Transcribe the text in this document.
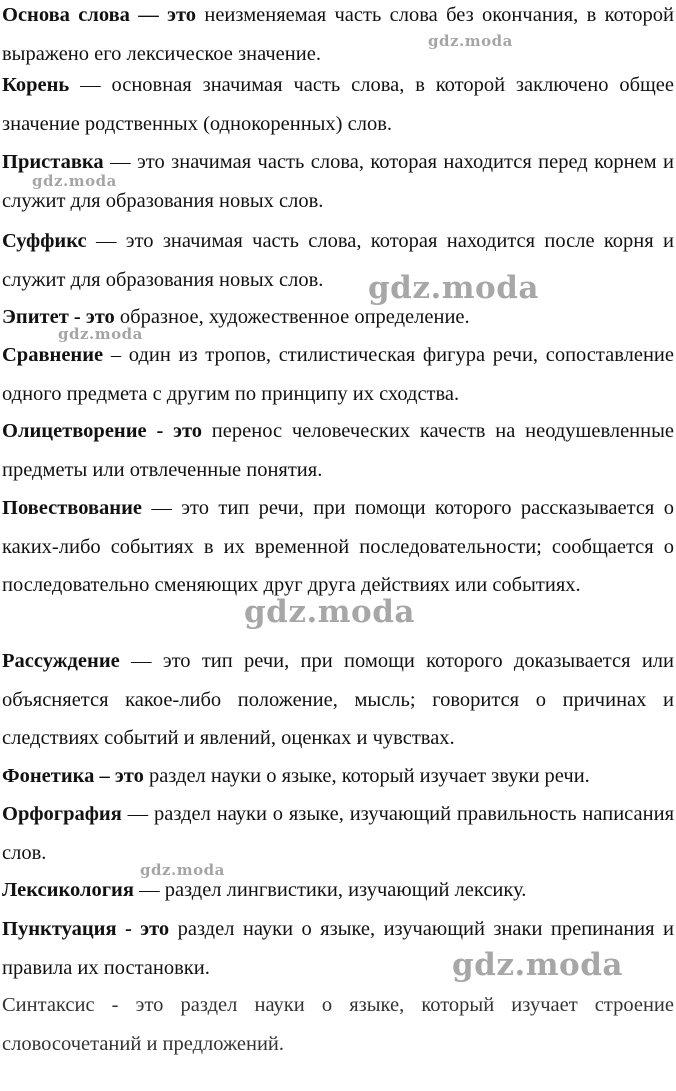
Основа слова — это неизменяемая часть слова без окончания, в которой выражено его лексическое значение.

Корень — основная значимая часть слова, в которой заключено общее значение родственных (однокоренных) слов.

Приставка — это значимая часть слова, которая находится перед корнем и служит для образования новых слов.

Суффикс — это значимая часть слова, которая находится после корня и служит для образования новых слов.

Эпитет - это образное, художественное определение.

Сравнение – один из тропов, стилистическая фигура речи, сопоставление одного предмета с другим по принципу их сходства.

Олицетворение - это перенос человеческих качеств на неодушевленные предметы или отвлеченные понятия.

Повествование — это тип речи, при помощи которого рассказывается о каких-либо событиях в их временной последовательности; сообщается о последовательно сменяющих друг друга действиях или событиях.

Рассуждение — это тип речи, при помощи которого доказывается или объясняется какое-либо положение, мысль; говорится о причинах и следствиях событий и явлений, оценках и чувствах.

Фонетика – это раздел науки о языке, который изучает звуки речи.

Орфография — раздел науки о языке, изучающий правильность написания слов.

Лексикология — раздел лингвистики, изучающий лексику.

Пунктуация - это раздел науки о языке, изучающий знаки препинания и правила их постановки.

Синтаксис - это раздел науки о языке, который изучает строение словосочетаний и предложений.

gdz.moda
gdz.moda
gdz.moda
gdz.moda
gdz.moda
gdz.moda
gdz.moda
